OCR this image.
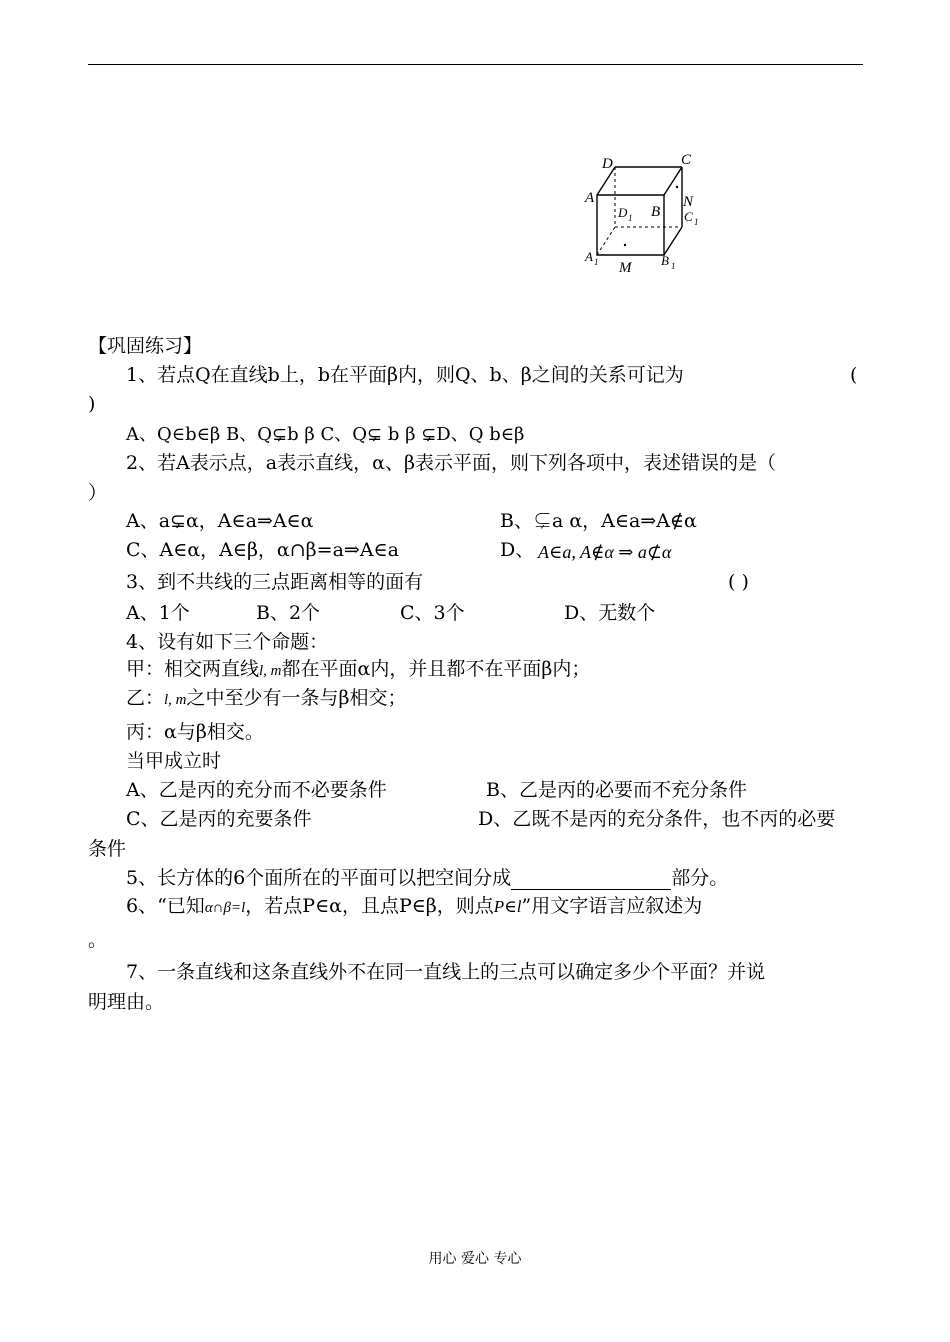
D	C
A	N
D 1 B C 1
A 1 M B 1
【巩固练习】
1、若点Q在直线b上，b在平面β内，则Q、b、β之间的关系可记为	(
)
A、Q∈b∈β B、Q⊊b β C、Q⊊ b β ⊊D、Q b∈β
2、若A表示点，a表示直线，α、β表示平面，则下列各项中，表述错误的是（
）
A、a⊊α，A∈a⇒A∈α	B、⊊a α，A∈a⇒A∉α
C、A∈α，A∈β，α∩β=a⇒A∈a	D、 A∈a, A∉α ⇒ a⊄α
3、到不共线的三点距离相等的面有	( )
A、1个	B、2个	C、3个	D、无数个
4、设有如下三个命题：
甲：相交两直线l, m都在平面α内，并且都不在平面β内；
乙：l, m之中至少有一条与β相交；
丙：α与β相交。
当甲成立时
A、乙是丙的充分而不必要条件	B、乙是丙的必要而不充分条件
C、乙是丙的充要条件	D、乙既不是丙的充分条件，也不丙的必要
条件
5、长方体的6个面所在的平面可以把空间分成	部分。
6、“已知α∩β=l，若点P∈α，且点P∈β，则点P∈l”用文字语言应叙述为
。
7、一条直线和这条直线外不在同一直线上的三点可以确定多少个平面？并说
明理由。
用心 爱心 专心
